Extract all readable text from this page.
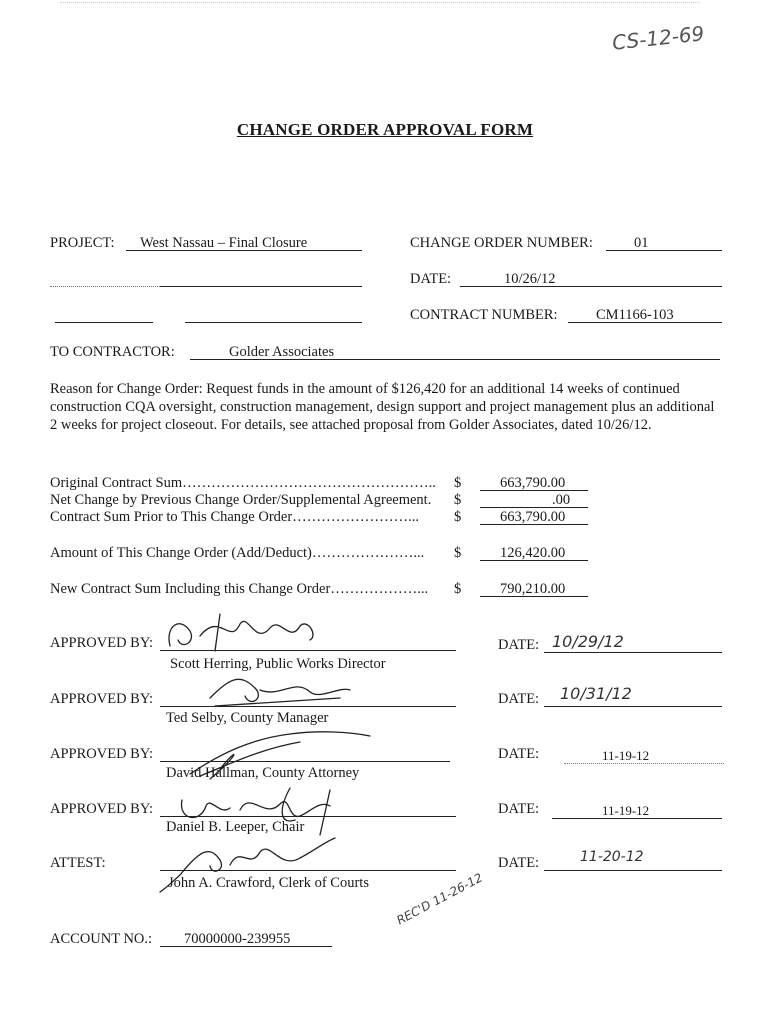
CS-12-69
CHANGE ORDER APPROVAL FORM
PROJECT: West Nassau – Final Closure	CHANGE ORDER NUMBER:	01
DATE:	10/26/12
CONTRACT NUMBER:	CM1166-103
TO CONTRACTOR:	Golder Associates
Reason for Change Order: Request funds in the amount of $126,420 for an additional 14 weeks of continued construction CQA oversight, construction management, design support and project management plus an additional 2 weeks for project closeout. For details, see attached proposal from Golder Associates, dated 10/26/12.
Original Contract Sum…………………………………………….. $	663,790.00
Net Change by Previous Change Order/Supplemental Agreement. $	.00
Contract Sum Prior to This Change Order……………………... $	663,790.00
Amount of This Change Order (Add/Deduct)…………………... $	126,420.00
New Contract Sum Including this Change Order………………... $	790,210.00
APPROVED BY:
Scott Herring, Public Works Director
DATE: 10/29/12
APPROVED BY:
Ted Selby, County Manager
DATE: 10/31/12
APPROVED BY:
David Hallman, County Attorney
DATE:	11-19-12
APPROVED BY:
Daniel B. Leeper, Chair
DATE:	11-19-12
ATTEST:
John A. Crawford, Clerk of Courts
DATE:	11-20-12
REC'D 11-26-12
ACCOUNT NO.: 70000000-239955
